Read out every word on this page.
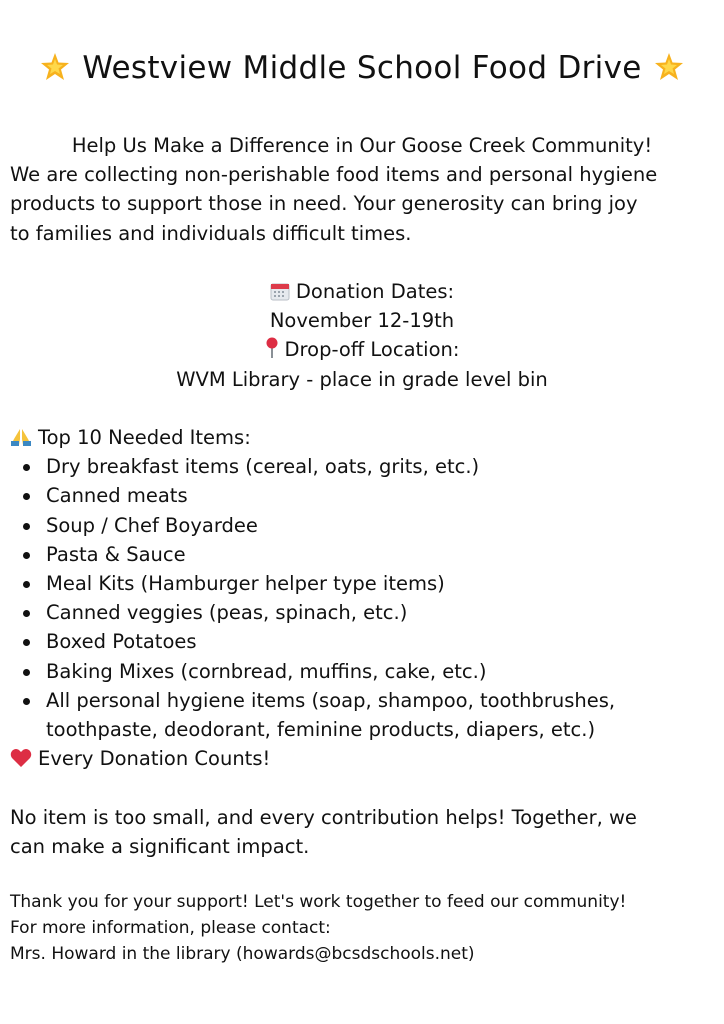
Westview Middle School Food Drive
Help Us Make a Difference in Our Goose Creek Community!
We are collecting non-perishable food items and personal hygiene
products to support those in need. Your generosity can bring joy
to families and individuals difficult times.
Donation Dates:
November 12-19th
Drop-off Location:
WVM Library - place in grade level bin
Top 10 Needed Items:
Dry breakfast items (cereal, oats, grits, etc.)
Canned meats
Soup / Chef Boyardee
Pasta & Sauce
Meal Kits (Hamburger helper type items)
Canned veggies (peas, spinach, etc.)
Boxed Potatoes
Baking Mixes (cornbread, muffins, cake, etc.)
All personal hygiene items (soap, shampoo, toothbrushes,
toothpaste, deodorant, feminine products, diapers, etc.)
Every Donation Counts!
No item is too small, and every contribution helps! Together, we
can make a significant impact.
Thank you for your support! Let's work together to feed our community!
For more information, please contact:
Mrs. Howard in the library (howards@bcsdschools.net)
